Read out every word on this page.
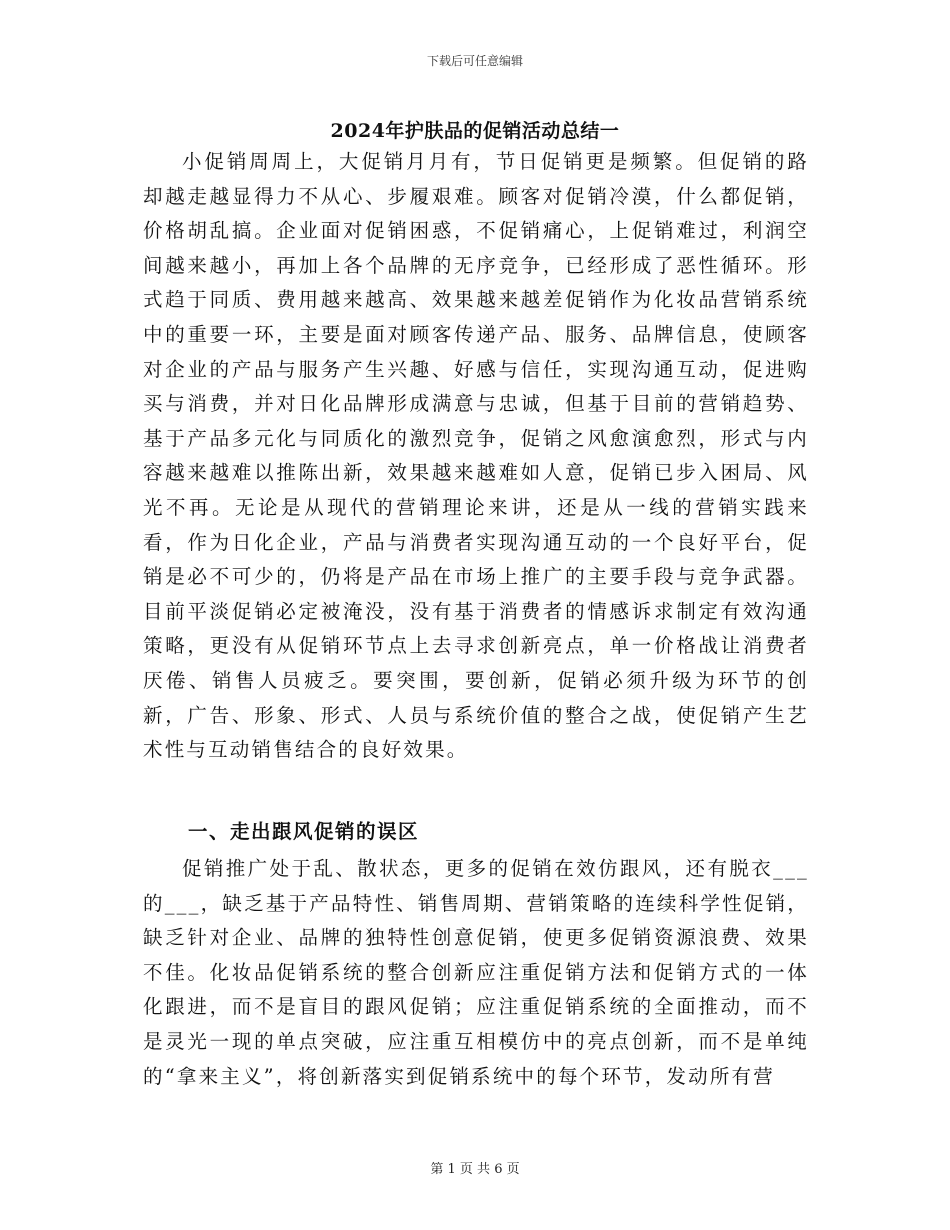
下载后可任意编辑
2024年护肤品的促销活动总结一

小促销周周上，大促销月月有，节日促销更是频繁。但促销的路却越走越显得力不从心、步履艰难。顾客对促销冷漠，什么都促销，价格胡乱搞。企业面对促销困惑，不促销痛心，上促销难过，利润空间越来越小，再加上各个品牌的无序竞争，已经形成了恶性循环。形式趋于同质、费用越来越高、效果越来越差促销作为化妆品营销系统中的重要一环，主要是面对顾客传递产品、服务、品牌信息，使顾客对企业的产品与服务产生兴趣、好感与信任，实现沟通互动，促进购买与消费，并对日化品牌形成满意与忠诚，但基于目前的营销趋势、基于产品多元化与同质化的激烈竞争，促销之风愈演愈烈，形式与内容越来越难以推陈出新，效果越来越难如人意，促销已步入困局、风光不再。无论是从现代的营销理论来讲，还是从一线的营销实践来看，作为日化企业，产品与消费者实现沟通互动的一个良好平台，促销是必不可少的，仍将是产品在市场上推广的主要手段与竞争武器。目前平淡促销必定被淹没，没有基于消费者的情感诉求制定有效沟通策略，更没有从促销环节点上去寻求创新亮点，单一价格战让消费者厌倦、销售人员疲乏。要突围，要创新，促销必须升级为环节的创新，广告、形象、形式、人员与系统价值的整合之战，使促销产生艺术性与互动销售结合的良好效果。

一、走出跟风促销的误区

促销推广处于乱、散状态，更多的促销在效仿跟风，还有脱衣___的___，缺乏基于产品特性、销售周期、营销策略的连续科学性促销，缺乏针对企业、品牌的独特性创意促销，使更多促销资源浪费、效果不佳。化妆品促销系统的整合创新应注重促销方法和促销方式的一体化跟进，而不是盲目的跟风促销；应注重促销系统的全面推动，而不是灵光一现的单点突破，应注重互相模仿中的亮点创新，而不是单纯的“拿来主义”，将创新落实到促销系统中的每个环节，发动所有营

第 1 页 共 6 页
